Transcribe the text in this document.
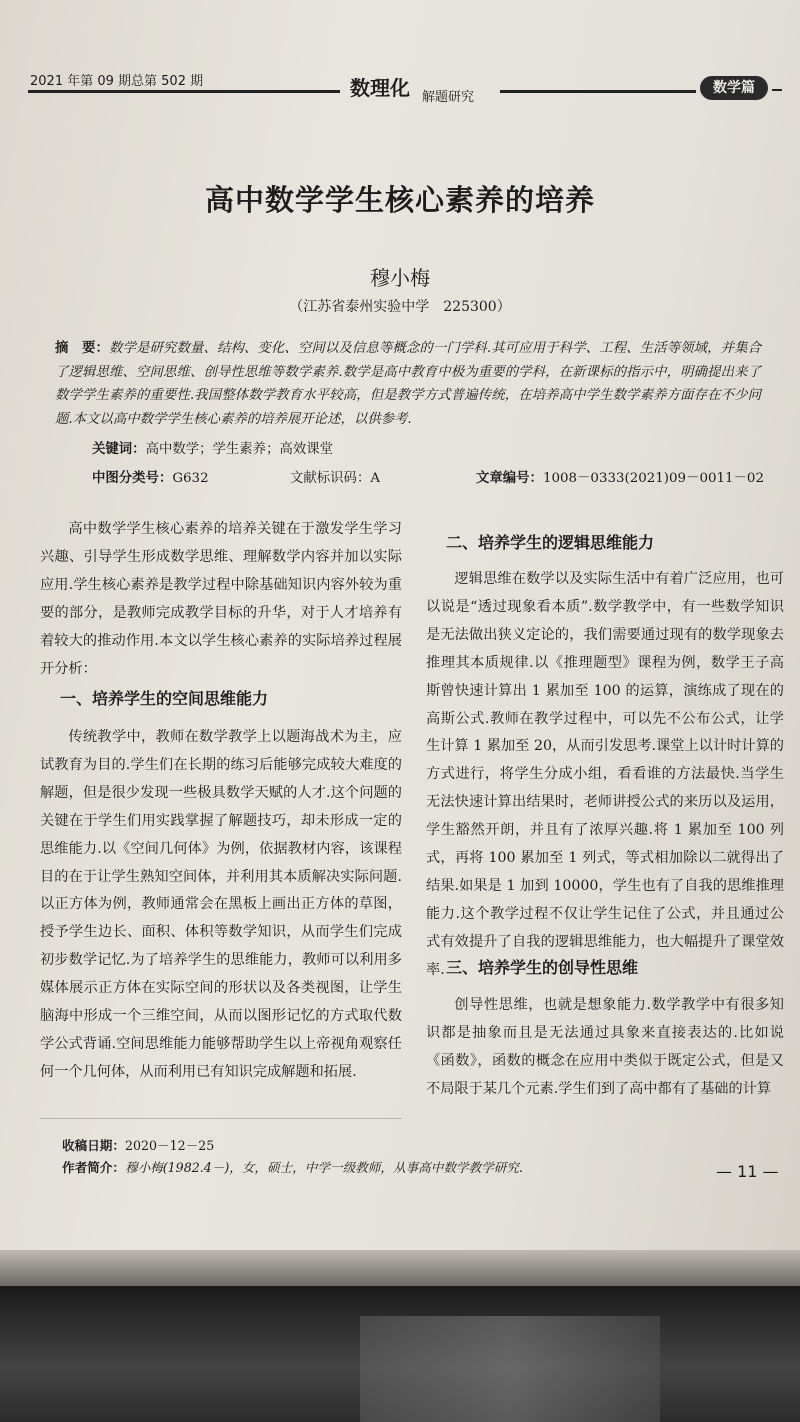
2021 年第 09 期总第 502 期	数理化 解题研究
数学篇
高中数学学生核心素养的培养
穆小梅
（江苏省泰州实验中学　225300）
摘　要：数学是研究数量、结构、变化、空间以及信息等概念的一门学科.其可应用于科学、工程、生活等领域，并集合了逻辑思维、空间思维、创导性思维等数学素养.数学是高中教育中极为重要的学科，在新课标的指示中，明确提出来了数学学生素养的重要性.我国整体数学教育水平较高，但是教学方式普遍传统，在培养高中学生数学素养方面存在不少问题.本文以高中数学学生核心素养的培养展开论述，以供参考.
关键词：高中数学；学生素养；高效课堂
中图分类号：G632	文献标识码：A	文章编号：1008－0333(2021)09－0011－02

高中数学学生核心素养的培养关键在于激发学生学习兴趣、引导学生形成数学思维、理解数学内容并加以实际应用.学生核心素养是教学过程中除基础知识内容外较为重要的部分，是教师完成教学目标的升华，对于人才培养有着较大的推动作用.本文以学生核心素养的实际培养过程展开分析：

一、培养学生的空间思维能力

传统教学中，教师在数学教学上以题海战术为主，应试教育为目的.学生们在长期的练习后能够完成较大难度的解题，但是很少发现一些极具数学天赋的人才.这个问题的关键在于学生们用实践掌握了解题技巧，却未形成一定的思维能力.以《空间几何体》为例，依据教材内容，该课程目的在于让学生熟知空间体，并利用其本质解决实际问题.以正方体为例，教师通常会在黑板上画出正方体的草图，授予学生边长、面积、体积等数学知识，从而学生们完成初步数学记忆.为了培养学生的思维能力，教师可以利用多媒体展示正方体在实际空间的形状以及各类视图，让学生脑海中形成一个三维空间，从而以图形记忆的方式取代数学公式背诵.空间思维能力能够帮助学生以上帝视角观察任何一个几何体，从而利用已有知识完成解题和拓展.

二、培养学生的逻辑思维能力

逻辑思维在数学以及实际生活中有着广泛应用，也可以说是“透过现象看本质”.数学教学中，有一些数学知识是无法做出狭义定论的，我们需要通过现有的数学现象去推理其本质规律.以《推理题型》课程为例，数学王子高斯曾快速计算出 1 累加至 100 的运算，演练成了现在的高斯公式.教师在教学过程中，可以先不公布公式，让学生计算 1 累加至 20，从而引发思考.课堂上以计时计算的方式进行，将学生分成小组，看看谁的方法最快.当学生无法快速计算出结果时，老师讲授公式的来历以及运用，学生豁然开朗，并且有了浓厚兴趣.将 1 累加至 100 列式，再将 100 累加至 1 列式，等式相加除以二就得出了结果.如果是 1 加到 10000，学生也有了自我的思维推理能力.这个教学过程不仅让学生记住了公式，并且通过公式有效提升了自我的逻辑思维能力，也大幅提升了课堂效率. 三、培养学生的创导性思维

创导性思维，也就是想象能力.数学教学中有很多知识都是抽象而且是无法通过具象来直接表达的.比如说《函数》，函数的概念在应用中类似于既定公式，但是又不局限于某几个元素.学生们到了高中都有了基础的计算

收稿日期：2020－12－25
作者简介：穆小梅(1982.4－)，女，硕士，中学一级教师，从事高中数学教学研究.	— 11 —
